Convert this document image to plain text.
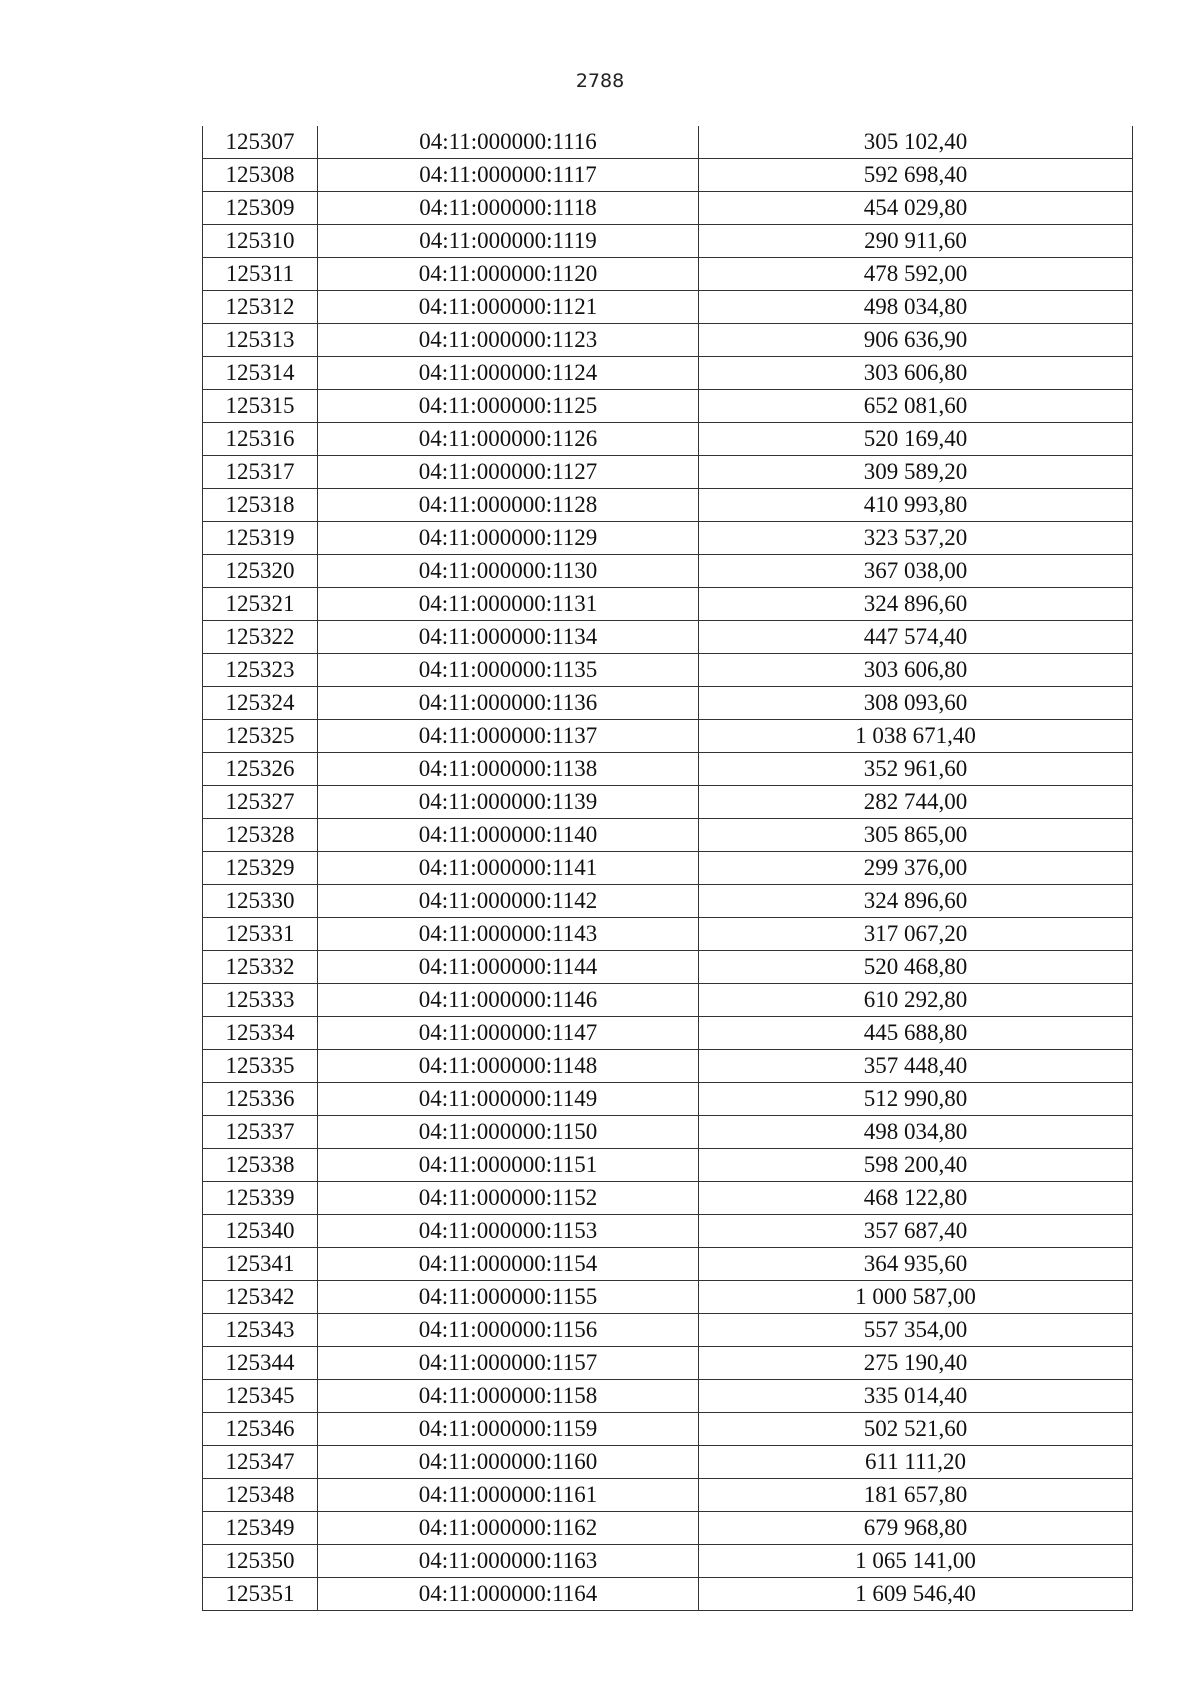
2788
125307	04:11:000000:1116	305 102,40
125308	04:11:000000:1117	592 698,40
125309	04:11:000000:1118	454 029,80
125310	04:11:000000:1119	290 911,60
125311	04:11:000000:1120	478 592,00
125312	04:11:000000:1121	498 034,80
125313	04:11:000000:1123	906 636,90
125314	04:11:000000:1124	303 606,80
125315	04:11:000000:1125	652 081,60
125316	04:11:000000:1126	520 169,40
125317	04:11:000000:1127	309 589,20
125318	04:11:000000:1128	410 993,80
125319	04:11:000000:1129	323 537,20
125320	04:11:000000:1130	367 038,00
125321	04:11:000000:1131	324 896,60
125322	04:11:000000:1134	447 574,40
125323	04:11:000000:1135	303 606,80
125324	04:11:000000:1136	308 093,60
125325	04:11:000000:1137	1 038 671,40
125326	04:11:000000:1138	352 961,60
125327	04:11:000000:1139	282 744,00
125328	04:11:000000:1140	305 865,00
125329	04:11:000000:1141	299 376,00
125330	04:11:000000:1142	324 896,60
125331	04:11:000000:1143	317 067,20
125332	04:11:000000:1144	520 468,80
125333	04:11:000000:1146	610 292,80
125334	04:11:000000:1147	445 688,80
125335	04:11:000000:1148	357 448,40
125336	04:11:000000:1149	512 990,80
125337	04:11:000000:1150	498 034,80
125338	04:11:000000:1151	598 200,40
125339	04:11:000000:1152	468 122,80
125340	04:11:000000:1153	357 687,40
125341	04:11:000000:1154	364 935,60
125342	04:11:000000:1155	1 000 587,00
125343	04:11:000000:1156	557 354,00
125344	04:11:000000:1157	275 190,40
125345	04:11:000000:1158	335 014,40
125346	04:11:000000:1159	502 521,60
125347	04:11:000000:1160	611 111,20
125348	04:11:000000:1161	181 657,80
125349	04:11:000000:1162	679 968,80
125350	04:11:000000:1163	1 065 141,00
125351	04:11:000000:1164	1 609 546,40
